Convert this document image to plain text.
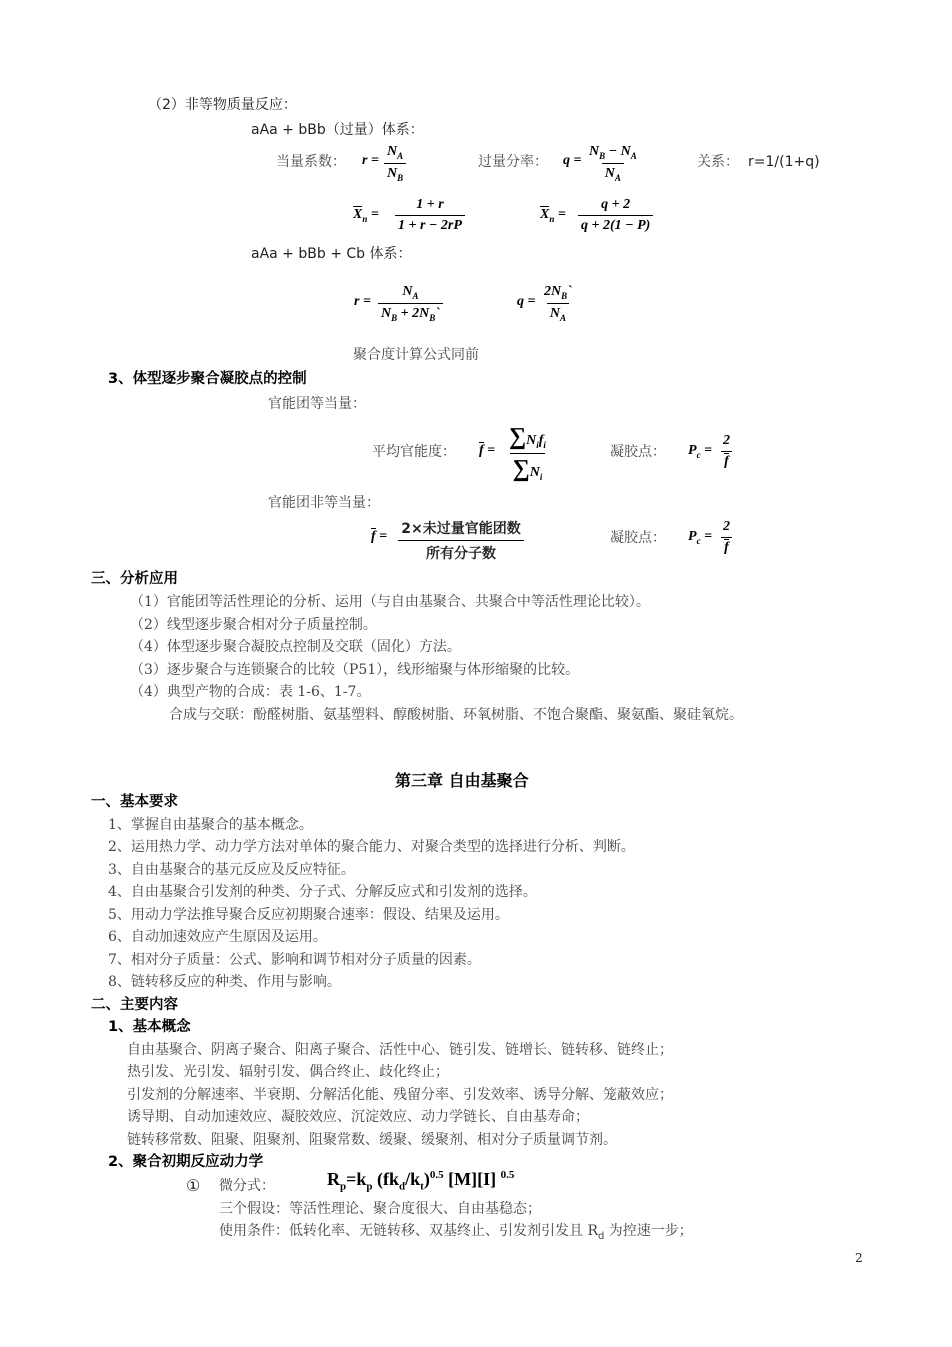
（2）非等物质量反应：
aAa + bBb（过量）体系：
当量系数： $r = \frac{N_A}{N_B}$	过量分率： $q = \frac{N_B - N_A}{N_A}$	关系： r=1/(1+q)
$X_n = \frac{1 + r}{1 + r - 2rP}$	$X_n = \frac{q + 2}{q + 2(1 - P)}$
aAa + bBb + Cb 体系：
$r = \frac{N_A}{N_B + 2N_B`}$	$q = \frac{2N_B`}{N_A}$
聚合度计算公式同前
3、体型逐步聚合凝胶点的控制
官能团等当量：
平均官能度： f =
$\sum N_if_i$
$\sum N_i$
凝胶点： $P_c = \frac{2}{f}$
官能团非等当量：
f = 2×未过量官能团数
所有分子数
凝胶点： $P_c = \frac{2}{f}$
三、分析应用
（1）官能团等活性理论的分析、运用（与自由基聚合、共聚合中等活性理论比较）。
（2）线型逐步聚合相对分子质量控制。
（4）体型逐步聚合凝胶点控制及交联（固化）方法。
（3）逐步聚合与连锁聚合的比较（P51），线形缩聚与体形缩聚的比较。
（4）典型产物的合成：表 1-6、1-7。
合成与交联：酚醛树脂、氨基塑料、醇酸树脂、环氧树脂、不饱合聚酯、聚氨酯、聚硅氧烷。
第三章 自由基聚合
一、基本要求
1、掌握自由基聚合的基本概念。
2、运用热力学、动力学方法对单体的聚合能力、对聚合类型的选择进行分析、判断。
3、自由基聚合的基元反应及反应特征。
4、自由基聚合引发剂的种类、分子式、分解反应式和引发剂的选择。
5、用动力学法推导聚合反应初期聚合速率：假设、结果及运用。
6、自动加速效应产生原因及运用。
7、相对分子质量：公式、影响和调节相对分子质量的因素。
8、链转移反应的种类、作用与影响。
二、主要内容
1、基本概念
自由基聚合、阴离子聚合、阳离子聚合、活性中心、链引发、链增长、链转移、链终止；
热引发、光引发、辐射引发、偶合终止、歧化终止；
引发剂的分解速率、半衰期、分解活化能、残留分率、引发效率、诱导分解、笼蔽效应；
诱导期、自动加速效应、凝胶效应、沉淀效应、动力学链长、自由基寿命；
链转移常数、阻聚、阻聚剂、阻聚常数、缓聚、缓聚剂、相对分子质量调节剂。
2、聚合初期反应动力学
① 微分式：	$R_p=k_p$ $(fk_d/k_t)^{0.5}$ [M][I] $^{0.5}$
三个假设：等活性理论、聚合度很大、自由基稳态；
使用条件：低转化率、无链转移、双基终止、引发剂引发且 $R_d$ 为控速一步；
2
